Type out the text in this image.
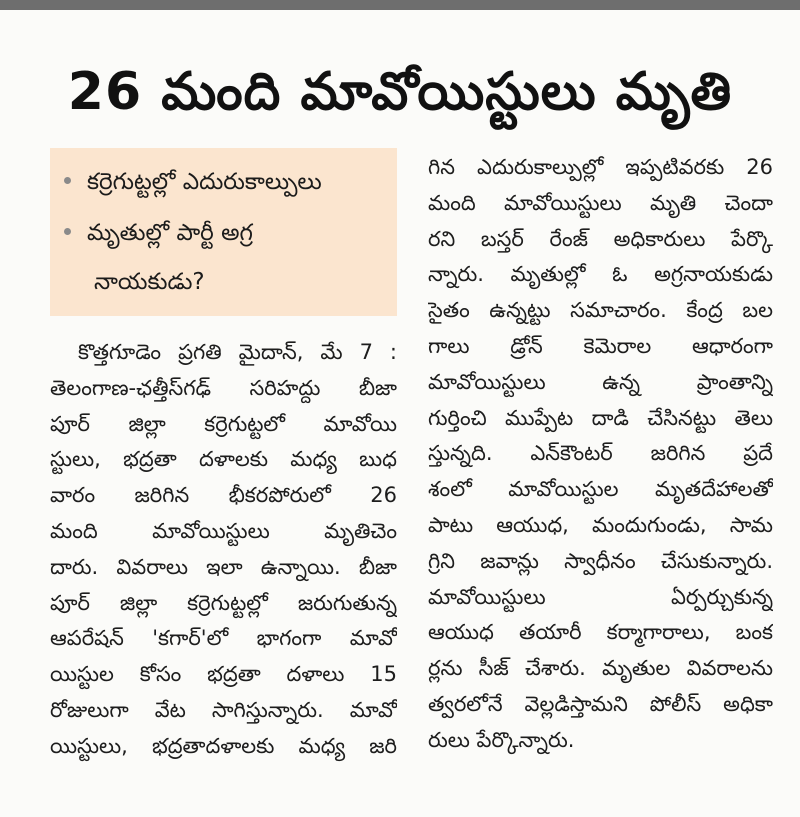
26 మంది మావోయిస్టులు మృతి
కర్రెగుట్టల్లో ఎదురుకాల్పులు
మృతుల్లో పార్టీ అగ్ర
నాయకుడు?
కొత్తగూడెం ప్రగతి మైదాన్‌, మే 7 :
తెలంగాణ-ఛత్తీస్‌గఢ్‌ సరిహద్దు బీజా
పూర్‌ జిల్లా కర్రెగుట్టలో మావోయి
స్టులు, భద్రతా దళాలకు మధ్య బుధ
వారం జరిగిన భీకరపోరులో 26
మంది మావోయిస్టులు మృతిచెం
దారు. వివరాలు ఇలా ఉన్నాయి. బీజా
పూర్‌ జిల్లా కర్రెగుట్టల్లో జరుగుతున్న
ఆపరేషన్‌ 'కగార్‌'లో భాగంగా మావో
యిస్టుల కోసం భద్రతా దళాలు 15
రోజులుగా వేట సాగిస్తున్నారు. మావో
యిస్టులు, భద్రతాదళాలకు మధ్య జరి
గిన ఎదురుకాల్పుల్లో ఇప్పటివరకు 26
మంది మావోయిస్టులు మృతి చెందా
రని బస్తర్‌ రేంజ్‌ అధికారులు పేర్కొ
న్నారు. మృతుల్లో ఓ అగ్రనాయకుడు
సైతం ఉన్నట్టు సమాచారం. కేంద్ర బల
గాలు డ్రోన్‌ కెమెరాల ఆధారంగా
మావోయిస్టులు ఉన్న ప్రాంతాన్ని
గుర్తించి ముప్పేట దాడి చేసినట్టు తెలు
స్తున్నది. ఎన్‌కౌంటర్‌ జరిగిన ప్రదే
శంలో మావోయిస్టుల మృతదేహాలతో
పాటు ఆయుధ, మందుగుండు, సామ
గ్రిని జవాన్లు స్వాధీనం చేసుకున్నారు.
మావోయిస్టులు ఏర్పర్చుకున్న
ఆయుధ తయారీ కర్మాగారాలు, బంక
ర్లను సీజ్‌ చేశారు. మృతుల వివరాలను
త్వరలోనే వెల్లడిస్తామని పోలీస్‌ అధికా
రులు పేర్కొన్నారు.
